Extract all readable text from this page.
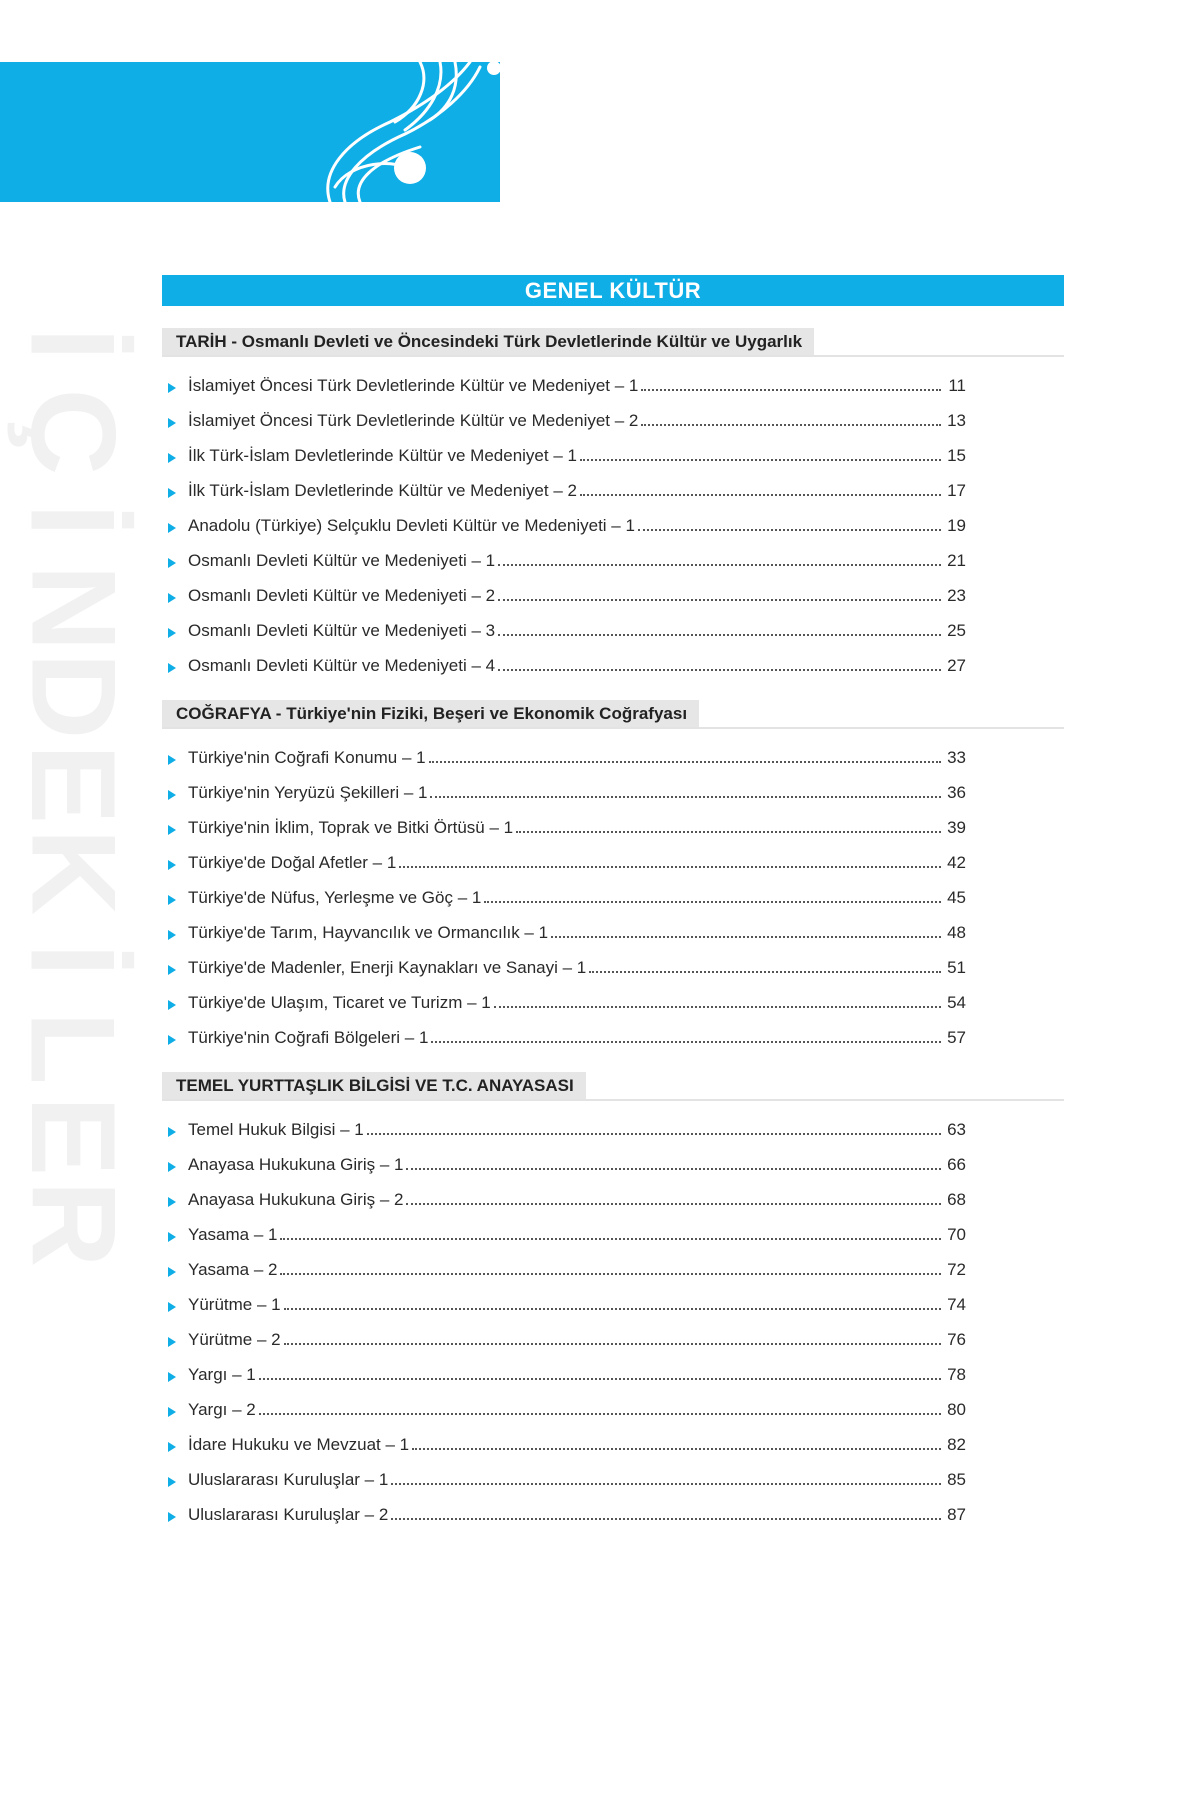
İ
Ç
İ
N
D
E
K
İ
L
E
R
GENEL KÜLTÜR
TARİH - Osmanlı Devleti ve Öncesindeki Türk Devletlerinde Kültür ve Uygarlık
İslamiyet Öncesi Türk Devletlerinde Kültür ve Medeniyet – 1	11
İslamiyet Öncesi Türk Devletlerinde Kültür ve Medeniyet – 2	13
İlk Türk-İslam Devletlerinde Kültür ve Medeniyet – 1	15
İlk Türk-İslam Devletlerinde Kültür ve Medeniyet – 2	17
Anadolu (Türkiye) Selçuklu Devleti Kültür ve Medeniyeti – 1	19
Osmanlı Devleti Kültür ve Medeniyeti – 1	21
Osmanlı Devleti Kültür ve Medeniyeti – 2	23
Osmanlı Devleti Kültür ve Medeniyeti – 3	25
Osmanlı Devleti Kültür ve Medeniyeti – 4	27
COĞRAFYA - Türkiye'nin Fiziki, Beşeri ve Ekonomik Coğrafyası
Türkiye'nin Coğrafi Konumu – 1	33
Türkiye'nin Yeryüzü Şekilleri – 1	36
Türkiye'nin İklim, Toprak ve Bitki Örtüsü – 1	39
Türkiye'de Doğal Afetler – 1	42
Türkiye'de Nüfus, Yerleşme ve Göç – 1	45
Türkiye'de Tarım, Hayvancılık ve Ormancılık – 1	48
Türkiye'de Madenler, Enerji Kaynakları ve Sanayi – 1	51
Türkiye'de Ulaşım, Ticaret ve Turizm – 1	54
Türkiye'nin Coğrafi Bölgeleri – 1	57
TEMEL YURTTAŞLIK BİLGİSİ VE T.C. ANAYASASI
Temel Hukuk Bilgisi – 1	63
Anayasa Hukukuna Giriş – 1	66
Anayasa Hukukuna Giriş – 2	68
Yasama – 1	70
Yasama – 2	72
Yürütme – 1	74
Yürütme – 2	76
Yargı – 1	78
Yargı – 2	80
İdare Hukuku ve Mevzuat – 1	82
Uluslararası Kuruluşlar – 1	85
Uluslararası Kuruluşlar – 2	87
